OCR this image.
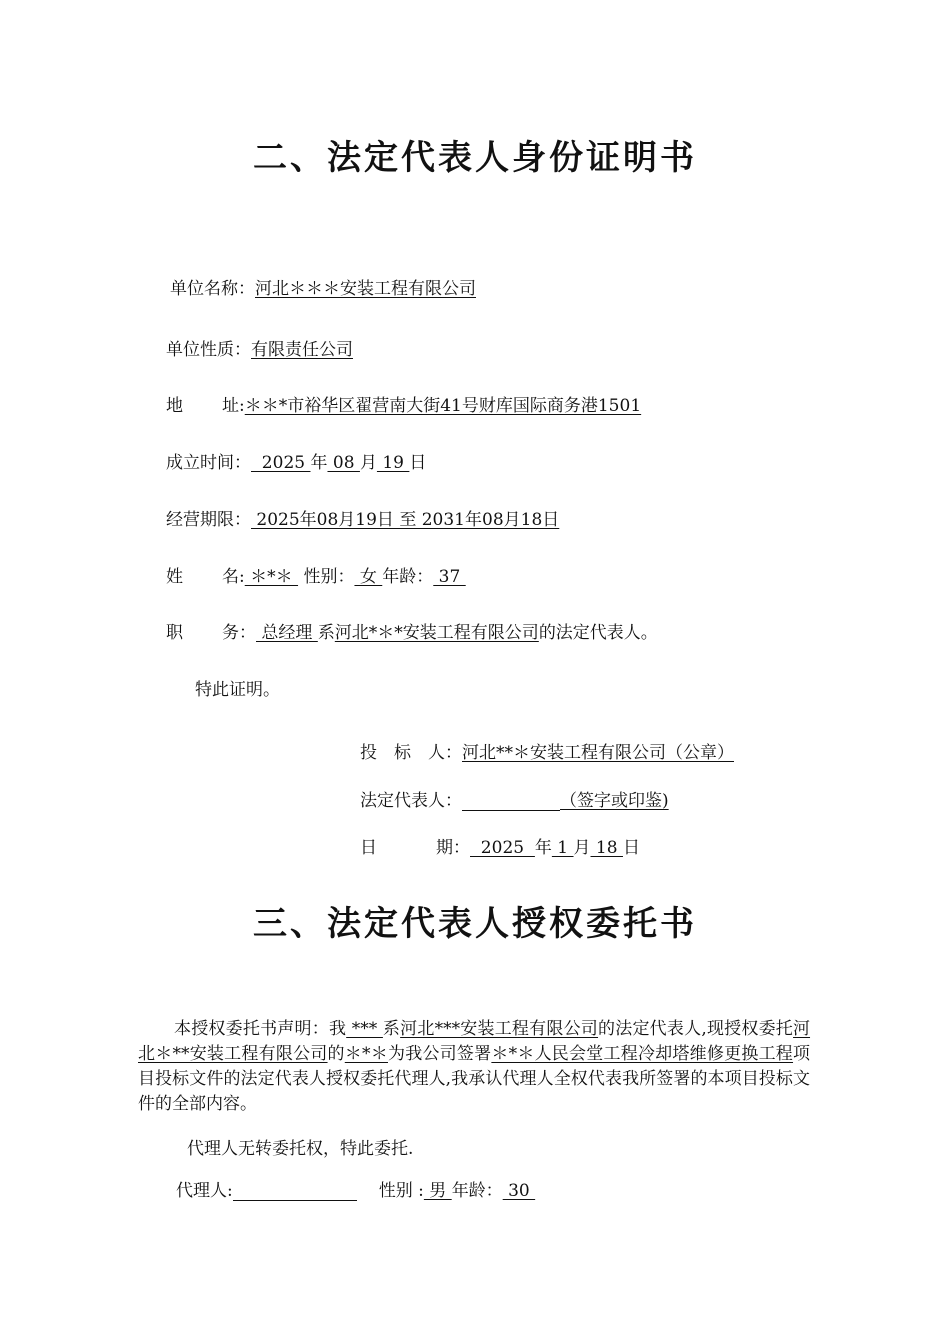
二、法定代表人身份证明书
单位名称：河北＊＊＊安装工程有限公司
单位性质：有限责任公司
地 址:＊＊*市裕华区翟营南大街41号财库国际商务港1501
成立时间：  2025 年 08 月 19 日
经营期限： 2025年08月19日 至 2031年08月18日
姓 名: ＊*＊  性别： 女 年龄： 37
职 务： 总经理 系河北*＊*安装工程有限公司的法定代表人。
特此证明。
投　标　人：河北**＊安装工程有限公司（公章）
法定代表人：	（签字或印鉴)
日	期：  2025  年 1 月 18 日
三、法定代表人授权委托书
本授权委托书声明：我 *** 系河北***安装工程有限公司的法定代表人,现授权委托河北＊**安装工程有限公司的＊*＊为我公司签署＊*＊人民会堂工程冷却塔维修更换工程项目投标文件的法定代表人授权委托代理人,我承认代理人全权代表我所签署的本项目投标文件的全部内容。
代理人无转委托权，特此委托.
代理人:	性别 : 男 年龄： 30
